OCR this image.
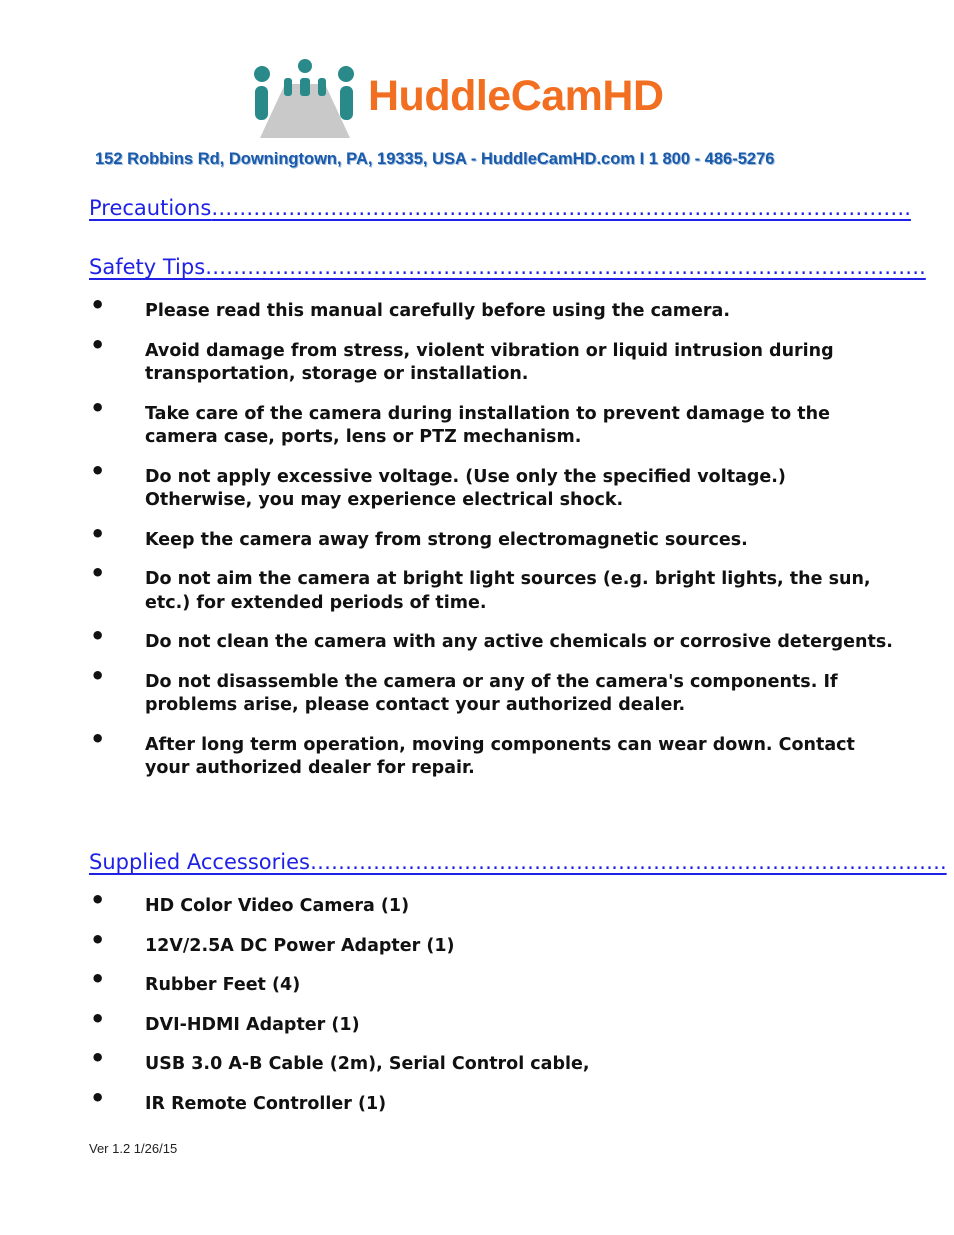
HuddleCamHD
152 Robbins Rd, Downingtown, PA, 19335, USA - HuddleCamHD.com I 1 800 - 486-5276
Precautions……………………………………………………………………………………….
Safety Tips………………………………………………………………………………………….
• Please read this manual carefully before using the camera.
• Avoid damage from stress, violent vibration or liquid intrusion during transportation, storage or installation.
• Take care of the camera during installation to prevent damage to the camera case, ports, lens or PTZ mechanism.
• Do not apply excessive voltage. (Use only the specified voltage.) Otherwise, you may experience electrical shock.
• Keep the camera away from strong electromagnetic sources.
• Do not aim the camera at bright light sources (e.g. bright lights, the sun, etc.) for extended periods of time.
• Do not clean the camera with any active chemicals or corrosive detergents.
• Do not disassemble the camera or any of the camera's components. If problems arise, please contact your authorized dealer.
• After long term operation, moving components can wear down. Contact your authorized dealer for repair.
Supplied Accessories……………………………………………………………………………….
• HD Color Video Camera (1)
• 12V/2.5A DC Power Adapter (1)
• Rubber Feet (4)
• DVI-HDMI Adapter (1)
• USB 3.0 A-B Cable (2m), Serial Control cable,
• IR Remote Controller (1)
Ver 1.2 1/26/15
